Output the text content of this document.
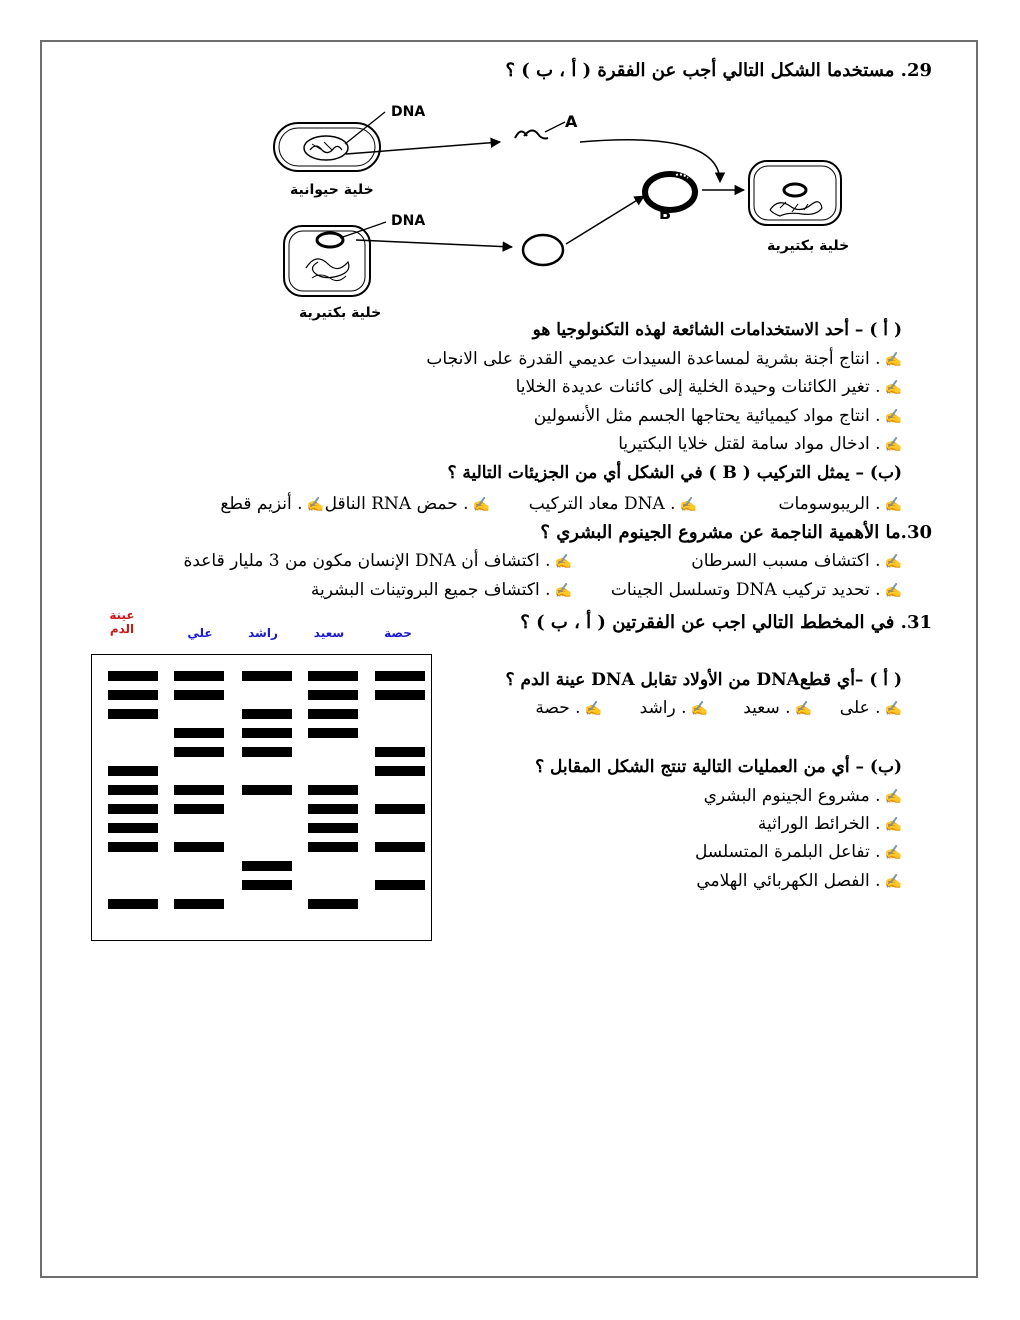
29. مستخدما الشكل التالي أجب عن الفقرة ( أ ، ب ) ؟
DNA	A
DNA	B
خلية حيوانية
خلية بكتيرية
خلية بكتيرية
( أ ) – أحد الاستخدامات الشائعة لهذه التكنولوجيا هو
✍. انتاج أجنة بشرية لمساعدة السيدات عديمي القدرة على الانجاب
✍. تغير الكائنات وحيدة الخلية إلى كائنات عديدة الخلايا
✍. انتاج مواد كيميائية يحتاجها الجسم مثل الأنسولين
✍. ادخال مواد سامة لقتل خلايا البكتيريا
(ب) – يمثل التركيب ( B ) في الشكل أي من الجزيئات التالية ؟
✍. الريبوسومات
✍. DNA معاد التركيب
✍. حمض RNA الناقل
✍. أنزيم قطع
30.ما الأهمية الناجمة عن مشروع الجينوم البشري ؟
✍. اكتشاف مسبب السرطان
✍. اكتشاف أن DNA الإنسان مكون من 3 مليار قاعدة
✍. تحديد تركيب DNA وتسلسل الجينات
✍. اكتشاف جميع البروتينات البشرية
31. في المخطط التالي اجب عن الفقرتين ( أ ، ب ) ؟
عينة الدم	علي	راشد	سعيد	حصة
( أ ) –أي قطعDNA من الأولاد تقابل DNA عينة الدم ؟
✍. على
✍. سعيد
✍. راشد
✍. حصة
(ب) – أي من العمليات التالية تنتج الشكل المقابل ؟
✍. مشروع الجينوم البشري
✍. الخرائط الوراثية
✍. تفاعل البلمرة المتسلسل
✍. الفصل الكهربائي الهلامي
